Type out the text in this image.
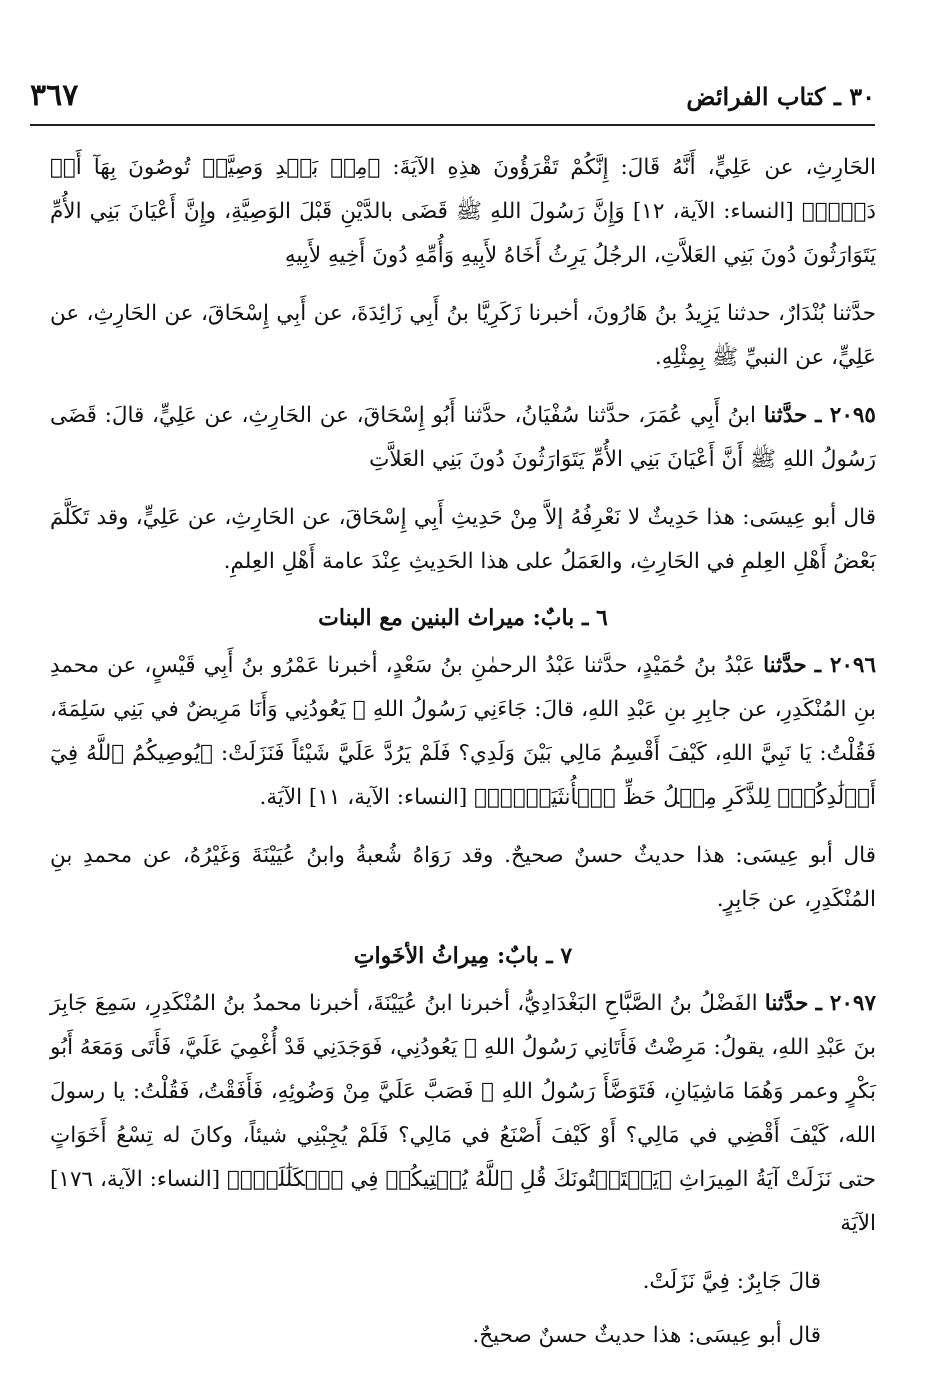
٣٦٧	٣٠ ـ كتاب الفرائض

الحَارِثِ، عن عَلِيٍّ، أَنَّهُ قَالَ: إِنَّكُمْ تَقْرَؤُونَ هذِهِ الآيَةَ: ﴿مِنۢ بَعۡدِ وَصِيَّةٖ تُوصُونَ بِهَآ أَوۡ دَيۡنٖ﴾ [النساء: الآية، ١٢] وَإِنَّ رَسُولَ اللهِ ﷺ قَضَى بالدَّيْنِ قَبْلَ الوَصِيَّةِ، وإِنَّ أَعْيَانَ بَنِي الأُمِّ يَتَوَارَثُونَ دُونَ بَنِي العَلاَّتِ، الرجُلُ يَرِثُ أَخَاهُ لأَبِيهِ وَأُمِّهِ دُونَ أَخِيهِ لأَبِيهِ

حدَّثنا بُنْدَارٌ، حدثنا يَزِيدُ بنُ هَارُونَ، أخبرنا زَكَرِيَّا بنُ أَبِي زَائِدَةَ، عن أَبِي إِسْحَاقَ، عن الحَارِثِ، عن عَلِيٍّ، عن النبيِّ ﷺ بِمِثْلِهِ.

٢٠٩٥ ـ حدَّثنا ابنُ أَبِي عُمَرَ، حدَّثنا سُفْيَانُ، حدَّثنا أَبُو إِسْحَاقَ، عن الحَارِثِ، عن عَلِيٍّ، قالَ: قَضَى رَسُولُ اللهِ ﷺ أَنَّ أَعْيَانَ بَنِي الأُمِّ يَتَوَارَثُونَ دُونَ بَنِي العَلاَّتِ

قال أبو عِيسَى: هذا حَدِيثٌ لا نَعْرِفُهُ إلاَّ مِنْ حَدِيثِ أَبِي إِسْحَاقَ، عن الحَارِثِ، عن عَلِيٍّ، وقد تَكَلَّمَ بَعْضُ أَهْلِ العِلمِ في الحَارِثِ، والعَمَلُ على هذا الحَدِيثِ عِنْدَ عامة أَهْلِ العِلمِ.

٦ ـ بابٌ: ميراث البنين مع البنات

٢٠٩٦ ـ حدَّثنا عَبْدُ بنُ حُمَيْدٍ، حدَّثنا عَبْدُ الرحمٰنِ بنُ سَعْدٍ، أخبرنا عَمْرُو بنُ أَبِي قَيْسٍ، عن محمدِ بنِ المُنْكَدِرِ، عن جابِرِ بنِ عَبْدِ اللهِ، قالَ: جَاءَنِي رَسُولُ اللهِ ﷺ يَعُودُنِي وَأَنَا مَرِيضٌ في بَنِي سَلِمَةَ، فَقُلْتُ: يَا نَبِيَّ اللهِ، كَيْفَ أَقْسِمُ مَالِي بَيْنَ وَلَدِي؟ فَلَمْ يَرُدَّ عَلَيَّ شَيْئاً فَنَزَلَتْ: ﴿يُوصِيكُمُ ٱللَّهُ فِيٓ أَوۡلَٰدِكُمۡۖ لِلذَّكَرِ مِثۡلُ حَظِّ ٱلۡأُنثَيَيۡنِۚ﴾ [النساء: الآية، ١١] الآيَة.

قال أبو عِيسَى: هذا حديثٌ حسنٌ صحيحٌ. وقد رَوَاهُ شُعبةُ وابنُ عُيَيْنَةَ وَغَيْرُهُ، عن محمدِ بنِ المُنْكَدِرِ، عن جَابِرٍ.

٧ ـ بابٌ: مِيراثُ الأخَواتِ

٢٠٩٧ ـ حدَّثنا الفَضْلُ بنُ الصَّبَّاحِ البَغْدَادِيُّ، أخبرنا ابنُ عُيَيْنَةَ، أخبرنا محمدُ بنُ المُنْكَدِرِ، سَمِعَ جَابِرَ بنَ عَبْدِ اللهِ، يقولُ: مَرِضْتُ فَأَتَانِي رَسُولُ اللهِ ﷺ يَعُودُنِي، فَوَجَدَنِي قَدْ أُغْمِيَ عَلَيَّ، فَأَتَى وَمَعَهُ أَبُو بَكْرٍ وعمر وَهُمَا مَاشِيَانِ، فَتَوَضَّأَ رَسُولُ اللهِ ﷺ فَصَبَّ عَلَيَّ مِنْ وَضُوئِهِ، فَأَفَقْتُ، فَقُلْتُ: يا رسولَ الله، كَيْفَ أَقْضِي في مَالِي؟ أَوْ كَيْفَ أَصْنَعُ في مَالِي؟ فَلَمْ يُجِبْنِي شيئاً، وكانَ له تِسْعُ أَخَوَاتٍ حتى نَزَلَتْ آيَةُ المِيرَاثِ ﴿يَسۡتَفۡتُونَكَ قُلِ ٱللَّهُ يُفۡتِيكُمۡ فِي ٱلۡكَلَٰلَةِۚ﴾ [النساء: الآية، ١٧٦] الآيَة

قالَ جَابِرٌ: فِيَّ نَزَلَتْ.

قال أبو عِيسَى: هذا حديثٌ حسنٌ صحيحٌ.
